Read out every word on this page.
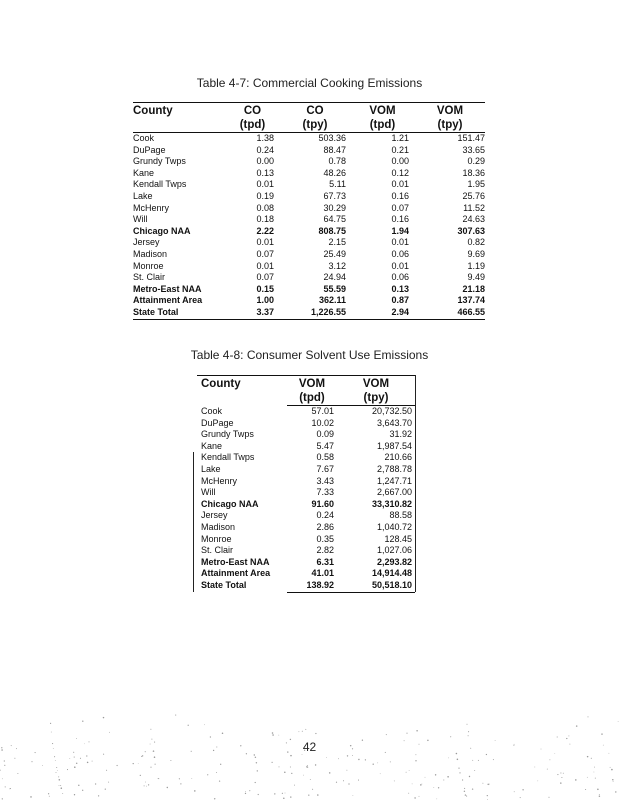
Table 4-7: Commercial Cooking Emissions
County	CO	CO	VOM	VOM
	(tpd)	(tpy)	(tpd)	(tpy)
Cook	1.38	503.36	1.21	151.47
DuPage	0.24	88.47	0.21	33.65
Grundy Twps	0.00	0.78	0.00	0.29
Kane	0.13	48.26	0.12	18.36
Kendall Twps	0.01	5.11	0.01	1.95
Lake	0.19	67.73	0.16	25.76
McHenry	0.08	30.29	0.07	11.52
Will	0.18	64.75	0.16	24.63
Chicago NAA	2.22	808.75	1.94	307.63
Jersey	0.01	2.15	0.01	0.82
Madison	0.07	25.49	0.06	9.69
Monroe	0.01	3.12	0.01	1.19
St. Clair	0.07	24.94	0.06	9.49
Metro-East NAA	0.15	55.59	0.13	21.18
Attainment Area	1.00	362.11	0.87	137.74
State Total	3.37	1,226.55	2.94	466.55
Table 4-8: Consumer Solvent Use Emissions
County	VOM	VOM
	(tpd)	(tpy)
Cook	57.01	20,732.50
DuPage	10.02	3,643.70
Grundy Twps	0.09	31.92
Kane	5.47	1,987.54
Kendall Twps	0.58	210.66
Lake	7.67	2,788.78
McHenry	3.43	1,247.71
Will	7.33	2,667.00
Chicago NAA	91.60	33,310.82
Jersey	0.24	88.58
Madison	2.86	1,040.72
Monroe	0.35	128.45
St. Clair	2.82	1,027.06
Metro-East NAA	6.31	2,293.82
Attainment Area	41.01	14,914.48
State Total	138.92	50,518.10
42
